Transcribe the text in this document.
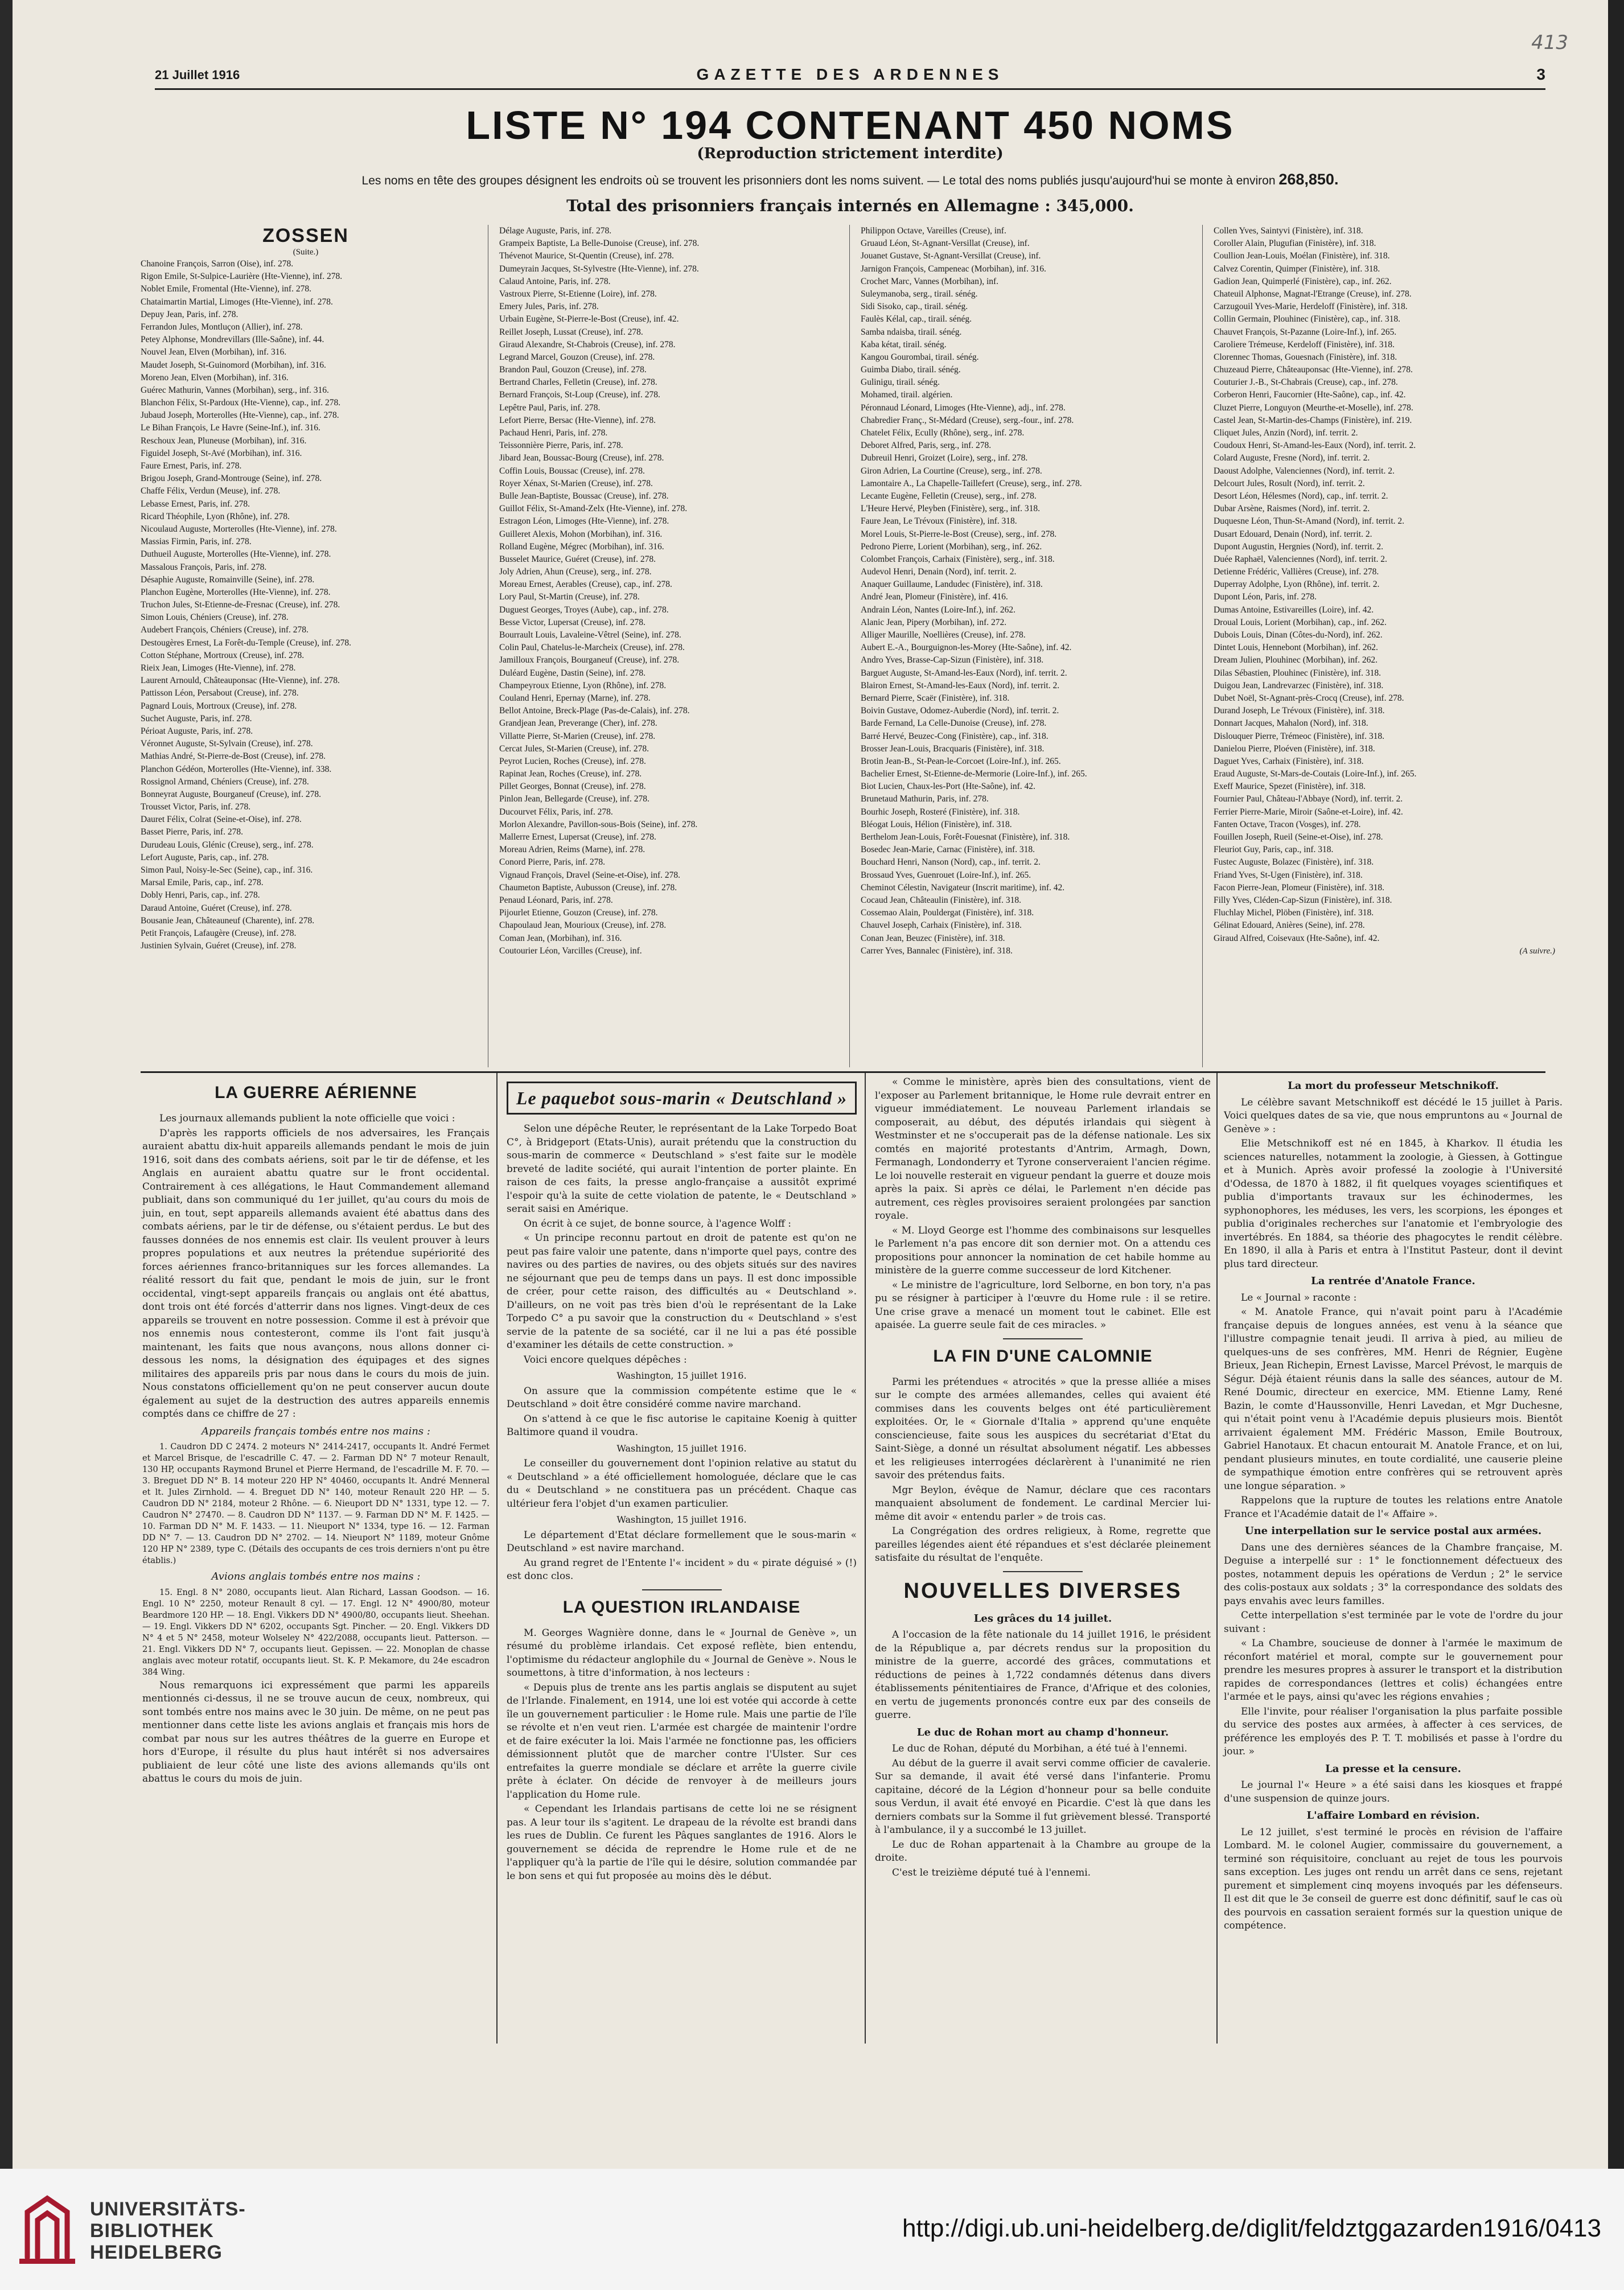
413
21 Juillet 1916	GAZETTE DES ARDENNES	3
LISTE N° 194 CONTENANT 450 NOMS
(Reproduction strictement interdite)
Les noms en tête des groupes désignent les endroits où se trouvent les prisonniers dont les noms suivent. — Le total des noms publiés jusqu'aujourd'hui se monte à environ 268,850.
Total des prisonniers français internés en Allemagne : 345,000.
ZOSSEN
(Suite.)
Chanoine François, Sarron (Oise), inf. 278.
Rigon Emile, St-Sulpice-Laurière (Hte-Vienne), inf. 278.
Noblet Emile, Fromental (Hte-Vienne), inf. 278.
Chataimartin Martial, Limoges (Hte-Vienne), inf. 278.
Depuy Jean, Paris, inf. 278.
Ferrandon Jules, Montluçon (Allier), inf. 278.
Petey Alphonse, Mondrevillars (Ille-Saône), inf. 44.
Nouvel Jean, Elven (Morbihan), inf. 316.
Maudet Joseph, St-Guinomord (Morbihan), inf. 316.
Moreno Jean, Elven (Morbihan), inf. 316.
Guérec Mathurin, Vannes (Morbihan), serg., inf. 316.
Blanchon Félix, St-Pardoux (Hte-Vienne), cap., inf. 278.
Jubaud Joseph, Morterolles (Hte-Vienne), cap., inf. 278.
Le Bihan François, Le Havre (Seine-Inf.), inf. 316.
Reschoux Jean, Pluneuse (Morbihan), inf. 316.
Figuidel Joseph, St-Avé (Morbihan), inf. 316.
Faure Ernest, Paris, inf. 278.
Brigou Joseph, Grand-Montrouge (Seine), inf. 278.
Chaffe Félix, Verdun (Meuse), inf. 278.
Lebasse Ernest, Paris, inf. 278.
Ricard Théophile, Lyon (Rhône), inf. 278.
Nicoulaud Auguste, Morterolles (Hte-Vienne), inf. 278.
Massias Firmin, Paris, inf. 278.
Duthueil Auguste, Morterolles (Hte-Vienne), inf. 278.
Massalous François, Paris, inf. 278.
Désaphie Auguste, Romainville (Seine), inf. 278.
Planchon Eugène, Morterolles (Hte-Vienne), inf. 278.
Truchon Jules, St-Etienne-de-Fresnac (Creuse), inf. 278.
Simon Louis, Chéniers (Creuse), inf. 278.
Audebert François, Chéniers (Creuse), inf. 278.
Destougères Ernest, La Forêt-du-Temple (Creuse), inf. 278.
Cotton Stéphane, Mortroux (Creuse), inf. 278.
Rieix Jean, Limoges (Hte-Vienne), inf. 278.
Laurent Arnould, Châteauponsac (Hte-Vienne), inf. 278.
Pattisson Léon, Persabout (Creuse), inf. 278.
Pagnard Louis, Mortroux (Creuse), inf. 278.
Suchet Auguste, Paris, inf. 278.
Périoat Auguste, Paris, inf. 278.
Véronnet Auguste, St-Sylvain (Creuse), inf. 278.
Mathias André, St-Pierre-de-Bost (Creuse), inf. 278.
Planchon Gédéon, Morterolles (Hte-Vienne), inf. 338.
Rossignol Armand, Chéniers (Creuse), inf. 278.
Bonneyrat Auguste, Bourganeuf (Creuse), inf. 278.
Trousset Victor, Paris, inf. 278.
Dauret Félix, Colrat (Seine-et-Oise), inf. 278.
Basset Pierre, Paris, inf. 278.
Durudeau Louis, Glénic (Creuse), serg., inf. 278.
Lefort Auguste, Paris, cap., inf. 278.
Simon Paul, Noisy-le-Sec (Seine), cap., inf. 316.
Marsal Emile, Paris, cap., inf. 278.
Dobly Henri, Paris, cap., inf. 278.
Daraud Antoine, Guéret (Creuse), inf. 278.
Bousanie Jean, Châteauneuf (Charente), inf. 278.
Petit François, Lafaugère (Creuse), inf. 278.
Justinien Sylvain, Guéret (Creuse), inf. 278.
Délage Auguste, Paris, inf. 278.
Grampeix Baptiste, La Belle-Dunoise (Creuse), inf. 278.
Thévenot Maurice, St-Quentin (Creuse), inf. 278.
Dumeyrain Jacques, St-Sylvestre (Hte-Vienne), inf. 278.
Calaud Antoine, Paris, inf. 278.
Vastroux Pierre, St-Etienne (Loire), inf. 278.
Emery Jules, Paris, inf. 278.
Urbain Eugène, St-Pierre-le-Bost (Creuse), inf. 42.
Reillet Joseph, Lussat (Creuse), inf. 278.
Giraud Alexandre, St-Chabrois (Creuse), inf. 278.
Legrand Marcel, Gouzon (Creuse), inf. 278.
Brandon Paul, Gouzon (Creuse), inf. 278.
Bertrand Charles, Felletin (Creuse), inf. 278.
Bernard François, St-Loup (Creuse), inf. 278.
Lepêtre Paul, Paris, inf. 278.
Lefort Pierre, Bersac (Hte-Vienne), inf. 278.
Pachaud Henri, Paris, inf. 278.
Teissonnière Pierre, Paris, inf. 278.
Jibard Jean, Boussac-Bourg (Creuse), inf. 278.
Coffin Louis, Boussac (Creuse), inf. 278.
Royer Xénax, St-Marien (Creuse), inf. 278.
Bulle Jean-Baptiste, Boussac (Creuse), inf. 278.
Guillot Félix, St-Amand-Zelx (Hte-Vienne), inf. 278.
Estragon Léon, Limoges (Hte-Vienne), inf. 278.
Guilleret Alexis, Mohon (Morbihan), inf. 316.
Rolland Eugène, Mégrec (Morbihan), inf. 316.
Busselet Maurice, Guéret (Creuse), inf. 278.
Joly Adrien, Ahun (Creuse), serg., inf. 278.
Moreau Ernest, Aerables (Creuse), cap., inf. 278.
Lory Paul, St-Martin (Creuse), inf. 278.
Duguest Georges, Troyes (Aube), cap., inf. 278.
Besse Victor, Lupersat (Creuse), inf. 278.
Bourrault Louis, Lavaleine-Vêtrel (Seine), inf. 278.
Colin Paul, Chatelus-le-Marcheix (Creuse), inf. 278.
Jamilloux François, Bourganeuf (Creuse), inf. 278.
Duléard Eugène, Dastin (Seine), inf. 278.
Champeyroux Etienne, Lyon (Rhône), inf. 278.
Couland Henri, Epernay (Marne), inf. 278.
Bellot Antoine, Breck-Plage (Pas-de-Calais), inf. 278.
Grandjean Jean, Preverange (Cher), inf. 278.
Villatte Pierre, St-Marien (Creuse), inf. 278.
Cercat Jules, St-Marien (Creuse), inf. 278.
Peyrot Lucien, Roches (Creuse), inf. 278.
Rapinat Jean, Roches (Creuse), inf. 278.
Pillet Georges, Bonnat (Creuse), inf. 278.
Pinlon Jean, Bellegarde (Creuse), inf. 278.
Ducourvet Félix, Paris, inf. 278.
Morlon Alexandre, Pavillon-sous-Bois (Seine), inf. 278.
Mallerre Ernest, Lupersat (Creuse), inf. 278.
Moreau Adrien, Reims (Marne), inf. 278.
Conord Pierre, Paris, inf. 278.
Vignaud François, Dravel (Seine-et-Oise), inf. 278.
Chaumeton Baptiste, Aubusson (Creuse), inf. 278.
Penaud Léonard, Paris, inf. 278.
Pijourlet Etienne, Gouzon (Creuse), inf. 278.
Chapoulaud Jean, Mourioux (Creuse), inf. 278.
Coman Jean, (Morbihan), inf. 316.
Coutourier Léon, Varcilles (Creuse), inf.
Philippon Octave, Vareilles (Creuse), inf.
Gruaud Léon, St-Agnant-Versillat (Creuse), inf.
Jouanet Gustave, St-Agnant-Versillat (Creuse), inf.
Jarnigon François, Campeneac (Morbihan), inf. 316.
Crochet Marc, Vannes (Morbihan), inf.
Suleymanoba, serg., tirail. sénég.
Sidi Sisoko, cap., tirail. sénég.
Faulès Kélal, cap., tirail. sénég.
Samba ndaisba, tirail. sénég.
Kaba kétat, tirail. sénég.
Kangou Gourombai, tirail. sénég.
Guimba Diabo, tirail. sénég.
Gulinigu, tirail. sénég.
Mohamed, tirail. algérien.
Péronnaud Léonard, Limoges (Hte-Vienne), adj., inf. 278.
Chabredier Franç., St-Médard (Creuse), serg.-four., inf. 278.
Chatelet Félix, Ecully (Rhône), serg., inf. 278.
Deboret Alfred, Paris, serg., inf. 278.
Dubreuil Henri, Groizet (Loire), serg., inf. 278.
Giron Adrien, La Courtine (Creuse), serg., inf. 278.
Lamontaire A., La Chapelle-Taillefert (Creuse), serg., inf. 278.
Lecante Eugène, Felletin (Creuse), serg., inf. 278.
L'Heure Hervé, Pleyben (Finistère), serg., inf. 318.
Faure Jean, Le Trévoux (Finistère), inf. 318.
Morel Louis, St-Pierre-le-Bost (Creuse), serg., inf. 278.
Pedrono Pierre, Lorient (Morbihan), serg., inf. 262.
Colombet François, Carhaix (Finistère), serg., inf. 318.
Audevol Henri, Denain (Nord), inf. territ. 2.
Anaquer Guillaume, Landudec (Finistère), inf. 318.
André Jean, Plomeur (Finistère), inf. 416.
Andrain Léon, Nantes (Loire-Inf.), inf. 262.
Alanic Jean, Pipery (Morbihan), inf. 272.
Alliger Maurille, Noellières (Creuse), inf. 278.
Aubert E.-A., Bourguignon-les-Morey (Hte-Saône), inf. 42.
Andro Yves, Brasse-Cap-Sizun (Finistère), inf. 318.
Barguet Auguste, St-Amand-les-Eaux (Nord), inf. territ. 2.
Blairon Ernest, St-Amand-les-Eaux (Nord), inf. territ. 2.
Bernard Pierre, Scaër (Finistère), inf. 318.
Boivin Gustave, Odomez-Auberdie (Nord), inf. territ. 2.
Barde Fernand, La Celle-Dunoise (Creuse), inf. 278.
Barré Hervé, Beuzec-Cong (Finistère), cap., inf. 318.
Brosser Jean-Louis, Bracquaris (Finistère), inf. 318.
Brotin Jean-B., St-Pean-le-Corcoet (Loire-Inf.), inf. 265.
Bachelier Ernest, St-Etienne-de-Mermorie (Loire-Inf.), inf. 265.
Biot Lucien, Chaux-les-Port (Hte-Saône), inf. 42.
Brunetaud Mathurin, Paris, inf. 278.
Bourhic Joseph, Rosteré (Finistère), inf. 318.
Bléogat Louis, Hélion (Finistère), inf. 318.
Berthelom Jean-Louis, Forêt-Fouesnat (Finistère), inf. 318.
Bosedec Jean-Marie, Carnac (Finistère), inf. 318.
Bouchard Henri, Nanson (Nord), cap., inf. territ. 2.
Brossaud Yves, Guenrouet (Loire-Inf.), inf. 265.
Cheminot Célestin, Navigateur (Inscrit maritime), inf. 42.
Cocaud Jean, Châteaulin (Finistère), inf. 318.
Cossemao Alain, Pouldergat (Finistère), inf. 318.
Chauvel Joseph, Carhaix (Finistère), inf. 318.
Conan Jean, Beuzec (Finistère), inf. 318.
Carrer Yves, Bannalec (Finistère), inf. 318.
Collen Yves, Saintyvi (Finistère), inf. 318.
Coroller Alain, Plugufian (Finistère), inf. 318.
Coullion Jean-Louis, Moélan (Finistère), inf. 318.
Calvez Corentin, Quimper (Finistère), inf. 318.
Gadion Jean, Quimperlé (Finistère), cap., inf. 262.
Chateuil Alphonse, Magnat-l'Etrange (Creuse), inf. 278.
Carzugouil Yves-Marie, Herdeloff (Finistère), inf. 318.
Collin Germain, Plouhinec (Finistère), cap., inf. 318.
Chauvet François, St-Pazanne (Loire-Inf.), inf. 265.
Caroliere Trémeuse, Kerdeloff (Finistère), inf. 318.
Clorennec Thomas, Gouesnach (Finistère), inf. 318.
Chuzeaud Pierre, Châteauponsac (Hte-Vienne), inf. 278.
Couturier J.-B., St-Chabrais (Creuse), cap., inf. 278.
Corberon Henri, Faucornier (Hte-Saône), cap., inf. 42.
Cluzet Pierre, Longuyon (Meurthe-et-Moselle), inf. 278.
Castel Jean, St-Martin-des-Champs (Finistère), inf. 219.
Cliquet Jules, Anzin (Nord), inf. territ. 2.
Coudoux Henri, St-Amand-les-Eaux (Nord), inf. territ. 2.
Colard Auguste, Fresne (Nord), inf. territ. 2.
Daoust Adolphe, Valenciennes (Nord), inf. territ. 2.
Delcourt Jules, Rosult (Nord), inf. territ. 2.
Desort Léon, Hélesmes (Nord), cap., inf. territ. 2.
Dubar Arsène, Raismes (Nord), inf. territ. 2.
Duquesne Léon, Thun-St-Amand (Nord), inf. territ. 2.
Dusart Edouard, Denain (Nord), inf. territ. 2.
Dupont Augustin, Hergnies (Nord), inf. territ. 2.
Duée Raphaël, Valenciennes (Nord), inf. territ. 2.
Detienne Frédéric, Vallières (Creuse), inf. 278.
Duperray Adolphe, Lyon (Rhône), inf. territ. 2.
Dupont Léon, Paris, inf. 278.
Dumas Antoine, Estivareilles (Loire), inf. 42.
Droual Louis, Lorient (Morbihan), cap., inf. 262.
Dubois Louis, Dinan (Côtes-du-Nord), inf. 262.
Dintet Louis, Hennebont (Morbihan), inf. 262.
Dream Julien, Plouhinec (Morbihan), inf. 262.
Dilas Sébastien, Plouhinec (Finistère), inf. 318.
Duigou Jean, Landrevarzec (Finistère), inf. 318.
Dubet Noël, St-Agnant-près-Crocq (Creuse), inf. 278.
Durand Joseph, Le Trévoux (Finistère), inf. 318.
Donnart Jacques, Mahalon (Nord), inf. 318.
Dislouquer Pierre, Trémeoc (Finistère), inf. 318.
Danielou Pierre, Ploéven (Finistère), inf. 318.
Daguet Yves, Carhaix (Finistère), inf. 318.
Eraud Auguste, St-Mars-de-Coutais (Loire-Inf.), inf. 265.
Exeff Maurice, Spezet (Finistère), inf. 318.
Fournier Paul, Château-l'Abbaye (Nord), inf. territ. 2.
Ferrier Pierre-Marie, Miroir (Saône-et-Loire), inf. 42.
Fanten Octave, Tracon (Vosges), inf. 278.
Fouillen Joseph, Rueil (Seine-et-Oise), inf. 278.
Fleuriot Guy, Paris, cap., inf. 318.
Fustec Auguste, Bolazec (Finistère), inf. 318.
Friand Yves, St-Ugen (Finistère), inf. 318.
Facon Pierre-Jean, Plomeur (Finistère), inf. 318.
Filly Yves, Cléden-Cap-Sizun (Finistère), inf. 318.
Fluchlay Michel, Plöben (Finistère), inf. 318.
Gélinat Edouard, Anières (Seine), inf. 278.
Giraud Alfred, Coisevaux (Hte-Saône), inf. 42.
(A suivre.)
LA GUERRE AÉRIENNE

Les journaux allemands publient la note officielle que voici :

D'après les rapports officiels de nos adversaires, les Français auraient abattu dix-huit appareils allemands pendant le mois de juin 1916, soit dans des combats aériens, soit par le tir de défense, et les Anglais en auraient abattu quatre sur le front occidental. Contrairement à ces allégations, le Haut Commandement allemand publiait, dans son communiqué du 1er juillet, qu'au cours du mois de juin, en tout, sept appareils allemands avaient été abattus dans des combats aériens, par le tir de défense, ou s'étaient perdus. Le but des fausses données de nos ennemis est clair. Ils veulent prouver à leurs propres populations et aux neutres la prétendue supériorité des forces aériennes franco-britanniques sur les forces allemandes. La réalité ressort du fait que, pendant le mois de juin, sur le front occidental, vingt-sept appareils français ou anglais ont été abattus, dont trois ont été forcés d'atterrir dans nos lignes. Vingt-deux de ces appareils se trouvent en notre possession. Comme il est à prévoir que nos ennemis nous contesteront, comme ils l'ont fait jusqu'à maintenant, les faits que nous avançons, nous allons donner ci-dessous les noms, la désignation des équipages et des signes militaires des appareils pris par nous dans le cours du mois de juin. Nous constatons officiellement qu'on ne peut conserver aucun doute également au sujet de la destruction des autres appareils ennemis comptés dans ce chiffre de 27 :

Appareils français tombés entre nos mains :

1. Caudron DD C 2474. 2 moteurs N° 2414-2417, occupants lt. André Fermet et Marcel Brisque, de l'escadrille C. 47. — 2. Farman DD N° 7 moteur Renault, 130 HP, occupants Raymond Brunel et Pierre Hermand, de l'escadrille M. F. 70. — 3. Breguet DD N° B. 14 moteur 220 HP N° 40460, occupants lt. André Menneral et lt. Jules Zirnhold. — 4. Breguet DD N° 140, moteur Renault 220 HP. — 5. Caudron DD N° 2184, moteur 2 Rhône. — 6. Nieuport DD N° 1331, type 12. — 7. Caudron N° 27470. — 8. Caudron DD N° 1137. — 9. Farman DD N° M. F. 1425. — 10. Farman DD N° M. F. 1433. — 11. Nieuport N° 1334, type 16. — 12. Farman DD N° 7. — 13. Caudron DD N° 2702. — 14. Nieuport N° 1189, moteur Gnôme 120 HP N° 2389, type C. (Détails des occupants de ces trois derniers n'ont pu être établis.)

Avions anglais tombés entre nos mains :

15. Engl. 8 N° 2080, occupants lieut. Alan Richard, Lassan Goodson. — 16. Engl. 10 N° 2250, moteur Renault 8 cyl. — 17. Engl. 12 N° 4900/80, moteur Beardmore 120 HP. — 18. Engl. Vikkers DD N° 4900/80, occupants lieut. Sheehan. — 19. Engl. Vikkers DD N° 6202, occupants Sgt. Pincher. — 20. Engl. Vikkers DD N° 4 et 5 N° 2458, moteur Wolseley N° 422/2088, occupants lieut. Patterson. — 21. Engl. Vikkers DD N° 7, occupants lieut. Gepissen. — 22. Monoplan de chasse anglais avec moteur rotatif, occupants lieut. St. K. P. Mekamore, du 24e escadron 384 Wing.

Nous remarquons ici expressément que parmi les appareils mentionnés ci-dessus, il ne se trouve aucun de ceux, nombreux, qui sont tombés entre nos mains avec le 30 juin. De même, on ne peut pas mentionner dans cette liste les avions anglais et français mis hors de combat par nous sur les autres théâtres de la guerre en Europe et hors d'Europe, il résulte du plus haut intérêt si nos adversaires publiaient de leur côté une liste des avions allemands qu'ils ont abattus le cours du mois de juin.

Le paquebot sous-marin « Deutschland »

Selon une dépêche Reuter, le représentant de la Lake Torpedo Boat C°, à Bridgeport (Etats-Unis), aurait prétendu que la construction du sous-marin de commerce « Deutschland » s'est faite sur le modèle breveté de ladite société, qui aurait l'intention de porter plainte. En raison de ces faits, la presse anglo-française a aussitôt exprimé l'espoir qu'à la suite de cette violation de patente, le « Deutschland » serait saisi en Amérique.

On écrit à ce sujet, de bonne source, à l'agence Wolff :

« Un principe reconnu partout en droit de patente est qu'on ne peut pas faire valoir une patente, dans n'importe quel pays, contre des navires ou des parties de navires, ou des objets situés sur des navires ne séjournant que peu de temps dans un pays. Il est donc impossible de créer, pour cette raison, des difficultés au « Deutschland ». D'ailleurs, on ne voit pas très bien d'où le représentant de la Lake Torpedo C° a pu savoir que la construction du « Deutschland » s'est servie de la patente de sa société, car il ne lui a pas été possible d'examiner les détails de cette construction. »

Voici encore quelques dépêches :

Washington, 15 juillet 1916.

On assure que la commission compétente estime que le « Deutschland » doit être considéré comme navire marchand.

On s'attend à ce que le fisc autorise le capitaine Koenig à quitter Baltimore quand il voudra.

Washington, 15 juillet 1916.

Le conseiller du gouvernement dont l'opinion relative au statut du « Deutschland » a été officiellement homologuée, déclare que le cas du « Deutschland » ne constituera pas un précédent. Chaque cas ultérieur fera l'objet d'un examen particulier.

Washington, 15 juillet 1916.

Le département d'Etat déclare formellement que le sous-marin « Deutschland » est navire marchand.

Au grand regret de l'Entente l'« incident » du « pirate déguisé » (!) est donc clos.

LA QUESTION IRLANDAISE

M. Georges Wagnière donne, dans le « Journal de Genève », un résumé du problème irlandais. Cet exposé reflète, bien entendu, l'optimisme du rédacteur anglophile du « Journal de Genève ». Nous le soumettons, à titre d'information, à nos lecteurs :

« Depuis plus de trente ans les partis anglais se disputent au sujet de l'Irlande. Finalement, en 1914, une loi est votée qui accorde à cette île un gouvernement particulier : le Home rule. Mais une partie de l'île se révolte et n'en veut rien. L'armée est chargée de maintenir l'ordre et de faire exécuter la loi. Mais l'armée ne fonctionne pas, les officiers démissionnent plutôt que de marcher contre l'Ulster. Sur ces entrefaites la guerre mondiale se déclare et arrête la guerre civile prête à éclater. On décide de renvoyer à de meilleurs jours l'application du Home rule.

« Cependant les Irlandais partisans de cette loi ne se résignent pas. A leur tour ils s'agitent. Le drapeau de la révolte est brandi dans les rues de Dublin. Ce furent les Pâques sanglantes de 1916. Alors le gouvernement se décida de reprendre le Home rule et de ne l'appliquer qu'à la partie de l'île qui le désire, solution commandée par le bon sens et qui fut proposée au moins dès le début.

« Comme le ministère, après bien des consultations, vient de l'exposer au Parlement britannique, le Home rule devrait entrer en vigueur immédiatement. Le nouveau Parlement irlandais se composerait, au début, des députés irlandais qui siègent à Westminster et ne s'occuperait pas de la défense nationale. Les six comtés en majorité protestants d'Antrim, Armagh, Down, Fermanagh, Londonderry et Tyrone conserveraient l'ancien régime. Le loi nouvelle resterait en vigueur pendant la guerre et douze mois après la paix. Si après ce délai, le Parlement n'en décide pas autrement, ces règles provisoires seraient prolongées par sanction royale.

« M. Lloyd George est l'homme des combinaisons sur lesquelles le Parlement n'a pas encore dit son dernier mot. On a attendu ces propositions pour annoncer la nomination de cet habile homme au ministère de la guerre comme successeur de lord Kitchener.

« Le ministre de l'agriculture, lord Selborne, en bon tory, n'a pas pu se résigner à participer à l'œuvre du Home rule : il se retire. Une crise grave a menacé un moment tout le cabinet. Elle est apaisée. La guerre seule fait de ces miracles. »

LA FIN D'UNE CALOMNIE

Parmi les prétendues « atrocités » que la presse alliée a mises sur le compte des armées allemandes, celles qui avaient été commises dans les couvents belges ont été particulièrement exploitées. Or, le « Giornale d'Italia » apprend qu'une enquête consciencieuse, faite sous les auspices du secrétariat d'Etat du Saint-Siège, a donné un résultat absolument négatif. Les abbesses et les religieuses interrogées déclarèrent à l'unanimité ne rien savoir des prétendus faits.

Mgr Beylon, évêque de Namur, déclare que ces racontars manquaient absolument de fondement. Le cardinal Mercier lui-même dit avoir « entendu parler » de trois cas.

La Congrégation des ordres religieux, à Rome, regrette que pareilles légendes aient été répandues et s'est déclarée pleinement satisfaite du résultat de l'enquête.

NOUVELLES DIVERSES
Les grâces du 14 juillet.

A l'occasion de la fête nationale du 14 juillet 1916, le président de la République a, par décrets rendus sur la proposition du ministre de la guerre, accordé des grâces, commutations et réductions de peines à 1,722 condamnés détenus dans divers établissements pénitentiaires de France, d'Afrique et des colonies, en vertu de jugements prononcés contre eux par des conseils de guerre.

Le duc de Rohan mort au champ d'honneur.

Le duc de Rohan, député du Morbihan, a été tué à l'ennemi.

Au début de la guerre il avait servi comme officier de cavalerie. Sur sa demande, il avait été versé dans l'infanterie. Promu capitaine, décoré de la Légion d'honneur pour sa belle conduite sous Verdun, il avait été envoyé en Picardie. C'est là que dans les derniers combats sur la Somme il fut grièvement blessé. Transporté à l'ambulance, il y a succombé le 13 juillet.

Le duc de Rohan appartenait à la Chambre au groupe de la droite.

C'est le treizième député tué à l'ennemi.

La mort du professeur Metschnikoff.

Le célèbre savant Metschnikoff est décédé le 15 juillet à Paris. Voici quelques dates de sa vie, que nous empruntons au « Journal de Genève » :

Elie Metschnikoff est né en 1845, à Kharkov. Il étudia les sciences naturelles, notamment la zoologie, à Giessen, à Gottingue et à Munich. Après avoir professé la zoologie à l'Université d'Odessa, de 1870 à 1882, il fit quelques voyages scientifiques et publia d'importants travaux sur les échinodermes, les syphonophores, les méduses, les vers, les scorpions, les éponges et publia d'originales recherches sur l'anatomie et l'embryologie des invertébrés. En 1884, sa théorie des phagocytes le rendit célèbre. En 1890, il alla à Paris et entra à l'Institut Pasteur, dont il devint plus tard directeur.

La rentrée d'Anatole France.

Le « Journal » raconte :

« M. Anatole France, qui n'avait point paru à l'Académie française depuis de longues années, est venu à la séance que l'illustre compagnie tenait jeudi. Il arriva à pied, au milieu de quelques-uns de ses confrères, MM. Henri de Régnier, Eugène Brieux, Jean Richepin, Ernest Lavisse, Marcel Prévost, le marquis de Ségur. Déjà étaient réunis dans la salle des séances, autour de M. René Doumic, directeur en exercice, MM. Etienne Lamy, René Bazin, le comte d'Haussonville, Henri Lavedan, et Mgr Duchesne, qui n'était point venu à l'Académie depuis plusieurs mois. Bientôt arrivaient également MM. Frédéric Masson, Emile Boutroux, Gabriel Hanotaux. Et chacun entourait M. Anatole France, et on lui, pendant plusieurs minutes, en toute cordialité, une causerie pleine de sympathique émotion entre confrères qui se retrouvent après une longue séparation. »

Rappelons que la rupture de toutes les relations entre Anatole France et l'Académie datait de l'« Affaire ».

Une interpellation sur le service postal aux armées.

Dans une des dernières séances de la Chambre française, M. Deguise a interpellé sur : 1° le fonctionnement défectueux des postes, notamment depuis les opérations de Verdun ; 2° le service des colis-postaux aux soldats ; 3° la correspondance des soldats des pays envahis avec leurs familles.

Cette interpellation s'est terminée par le vote de l'ordre du jour suivant :

« La Chambre, soucieuse de donner à l'armée le maximum de réconfort matériel et moral, compte sur le gouvernement pour prendre les mesures propres à assurer le transport et la distribution rapides de correspondances (lettres et colis) échangées entre l'armée et le pays, ainsi qu'avec les régions envahies ;

Elle l'invite, pour réaliser l'organisation la plus parfaite possible du service des postes aux armées, à affecter à ces services, de préférence les employés des P. T. T. mobilisés et passe à l'ordre du jour. »

La presse et la censure.

Le journal l'« Heure » a été saisi dans les kiosques et frappé d'une suspension de quinze jours.

L'affaire Lombard en révision.

Le 12 juillet, s'est terminé le procès en révision de l'affaire Lombard. M. le colonel Augier, commissaire du gouvernement, a terminé son réquisitoire, concluant au rejet de tous les pourvois sans exception. Les juges ont rendu un arrêt dans ce sens, rejetant purement et simplement cinq moyens invoqués par les défenseurs. Il est dit que le 3e conseil de guerre est donc définitif, sauf le cas où des pourvois en cassation seraient formés sur la question unique de compétence.

UNIVERSITÄTS-
BIBLIOTHEK
HEIDELBERG
http://digi.ub.uni-heidelberg.de/diglit/feldztggazarden1916/0413
